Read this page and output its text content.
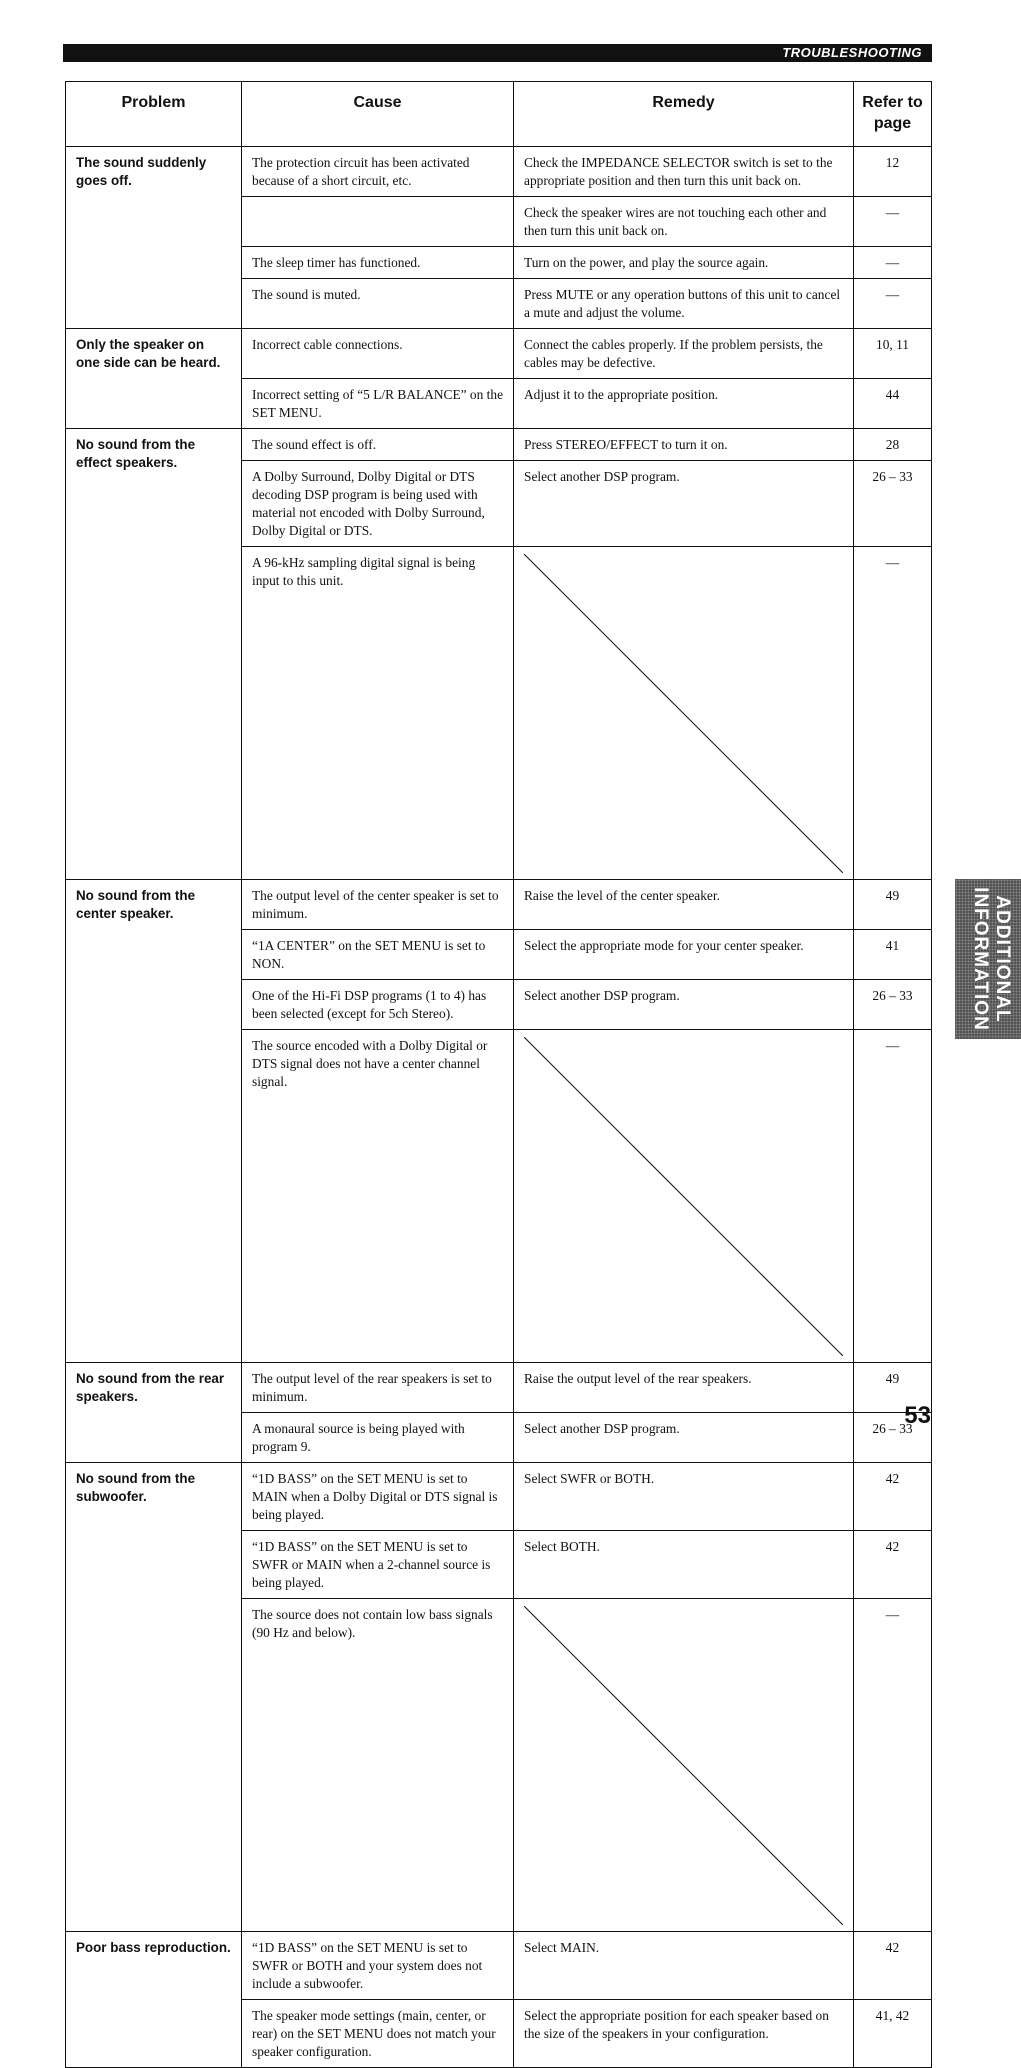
TROUBLESHOOTING
Problem	Cause	Remedy	Refer to page
The sound suddenly goes off.	The protection circuit has been activated because of a short circuit, etc.	Check the IMPEDANCE SELECTOR switch is set to the appropriate position and then turn this unit back on.	12
		Check the speaker wires are not touching each other and then turn this unit back on.	—
	The sleep timer has functioned.	Turn on the power, and play the source again.	—
	The sound is muted.	Press MUTE or any operation buttons of this unit to cancel a mute and adjust the volume.	—
Only the speaker on one side can be heard.	Incorrect cable connections.	Connect the cables properly. If the problem persists, the cables may be defective.	10, 11
	Incorrect setting of “5 L/R BALANCE” on the SET MENU.	Adjust it to the appropriate position.	44
No sound from the effect speakers.	The sound effect is off.	Press STEREO/EFFECT to turn it on.	28
	A Dolby Surround, Dolby Digital or DTS decoding DSP program is being used with material not encoded with Dolby Surround, Dolby Digital or DTS.	Select another DSP program.	26 – 33
	A 96-kHz sampling digital signal is being input to this unit.		—
No sound from the center speaker.	The output level of the center speaker is set to minimum.	Raise the level of the center speaker.	49
	“1A CENTER” on the SET MENU is set to NON.	Select the appropriate mode for your center speaker.	41
	One of the Hi-Fi DSP programs (1 to 4) has been selected (except for 5ch Stereo).	Select another DSP program.	26 – 33
	The source encoded with a Dolby Digital or DTS signal does not have a center channel signal.		—
No sound from the rear speakers.	The output level of the rear speakers is set to minimum.	Raise the output level of the rear speakers.	49
	A monaural source is being played with program 9.	Select another DSP program.	26 – 33
No sound from the subwoofer.	“1D BASS” on the SET MENU is set to MAIN when a Dolby Digital or DTS signal is being played.	Select SWFR or BOTH.	42
	“1D BASS” on the SET MENU is set to SWFR or MAIN when a 2-channel source is being played.	Select BOTH.	42
	The source does not contain low bass signals (90 Hz and below).		—
Poor bass reproduction.	“1D BASS” on the SET MENU is set to SWFR or BOTH and your system does not include a subwoofer.	Select MAIN.	42
	The speaker mode settings (main, center, or rear) on the SET MENU does not match your speaker configuration.	Select the appropriate position for each speaker based on the size of the speakers in your configuration.	41, 42
ADDITIONAL
INFORMATION
53
